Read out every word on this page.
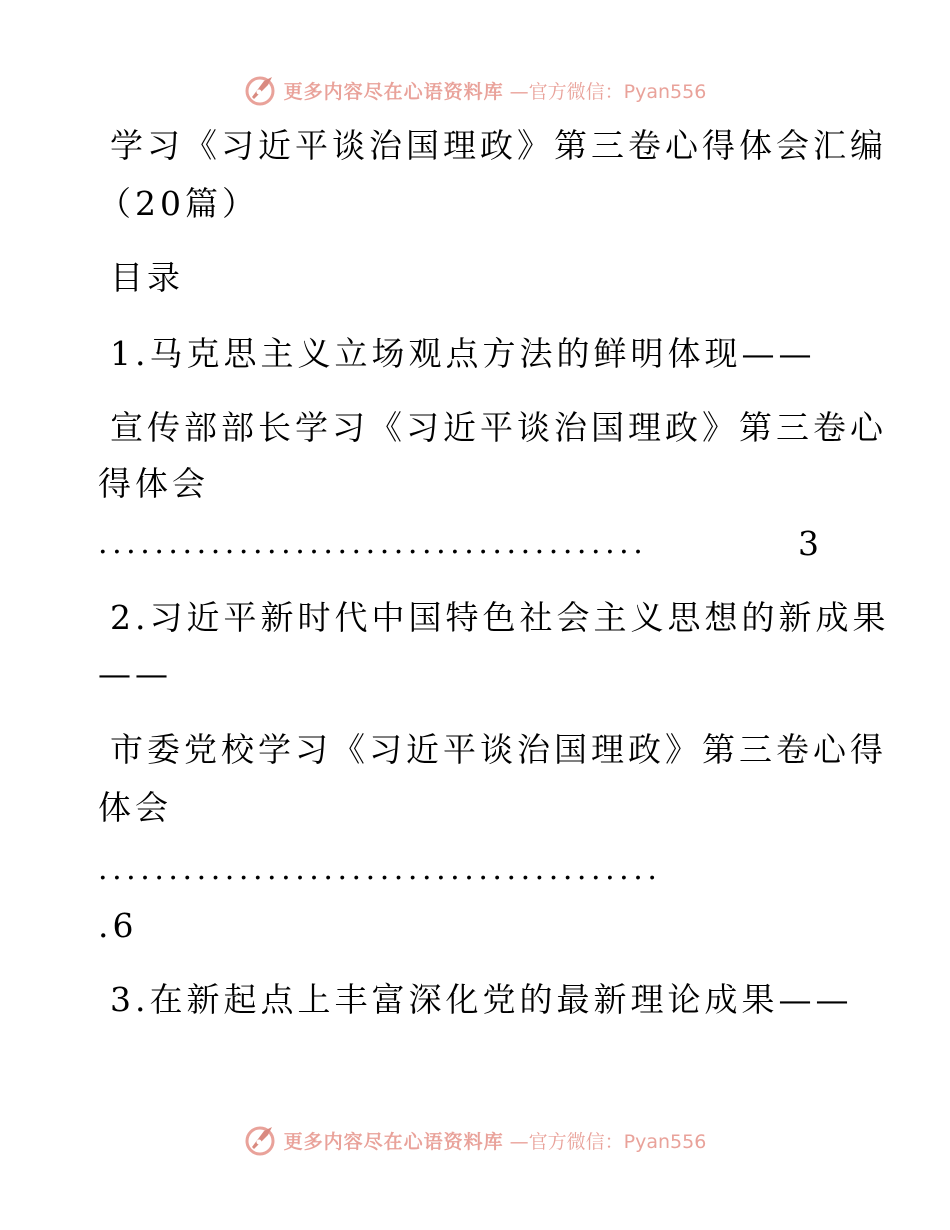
更多内容尽在心语资料库 —官方微信：Pyan556
学习《习近平谈治国理政》第三卷心得体会汇编
（20篇）
目录
1.马克思主义立场观点方法的鲜明体现——
宣传部部长学习《习近平谈治国理政》第三卷心
得体会
.......................................	3
2.习近平新时代中国特色社会主义思想的新成果
——
市委党校学习《习近平谈治国理政》第三卷心得
体会
........................................
.6
3.在新起点上丰富深化党的最新理论成果——
更多内容尽在心语资料库 —官方微信：Pyan556
